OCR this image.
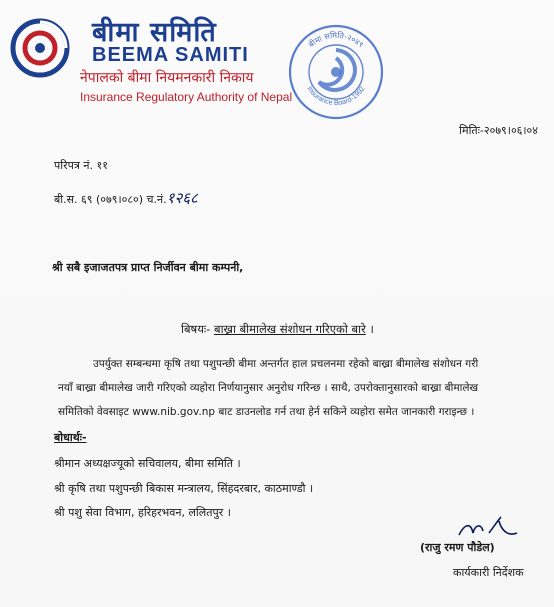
बीमा समिति
BEEMA SAMITI
नेपालको बीमा नियमनकारी निकाय
Insurance Regulatory Authority of Nepal
बीमा समिति-२०४९
Insurance Board-1992
मितिः-२०७९।०६।०४
परिपत्र नं. ११
बी.स. ६९ (०७९।०८०) च.नं.१२६८
श्री सबै इजाजतपत्र प्राप्त निर्जीवन बीमा कम्पनी,
बिषयः- बाख्रा बीमालेख संशोधन गरिएको बारे ।
उपर्युक्त सम्बन्धमा कृषि तथा पशुपन्छी बीमा अन्तर्गत हाल प्रचलनमा रहेको बाख्रा बीमालेख संशोधन गरी
नयाँ बाख्रा बीमालेख जारी गरिएको व्यहोरा निर्णयानुसार अनुरोध गरिन्छ । साथै, उपरोक्तानुसारको बाख्रा बीमालेख
समितिको वेवसाइट www.nib.gov.np बाट डाउनलोड गर्न तथा हेर्न सकिने व्यहोरा समेत जानकारी गराइन्छ ।
बोधार्थः-
श्रीमान अध्यक्षज्यूको सचिवालय, बीमा समिति ।
श्री कृषि तथा पशुपन्छी बिकास मन्त्रालय, सिंहदरबार, काठमाण्डौ ।
श्री पशु सेवा विभाग, हरिहरभवन, ललितपुर ।
(राजु रमण पौडेल)
कार्यकारी निर्देशक
